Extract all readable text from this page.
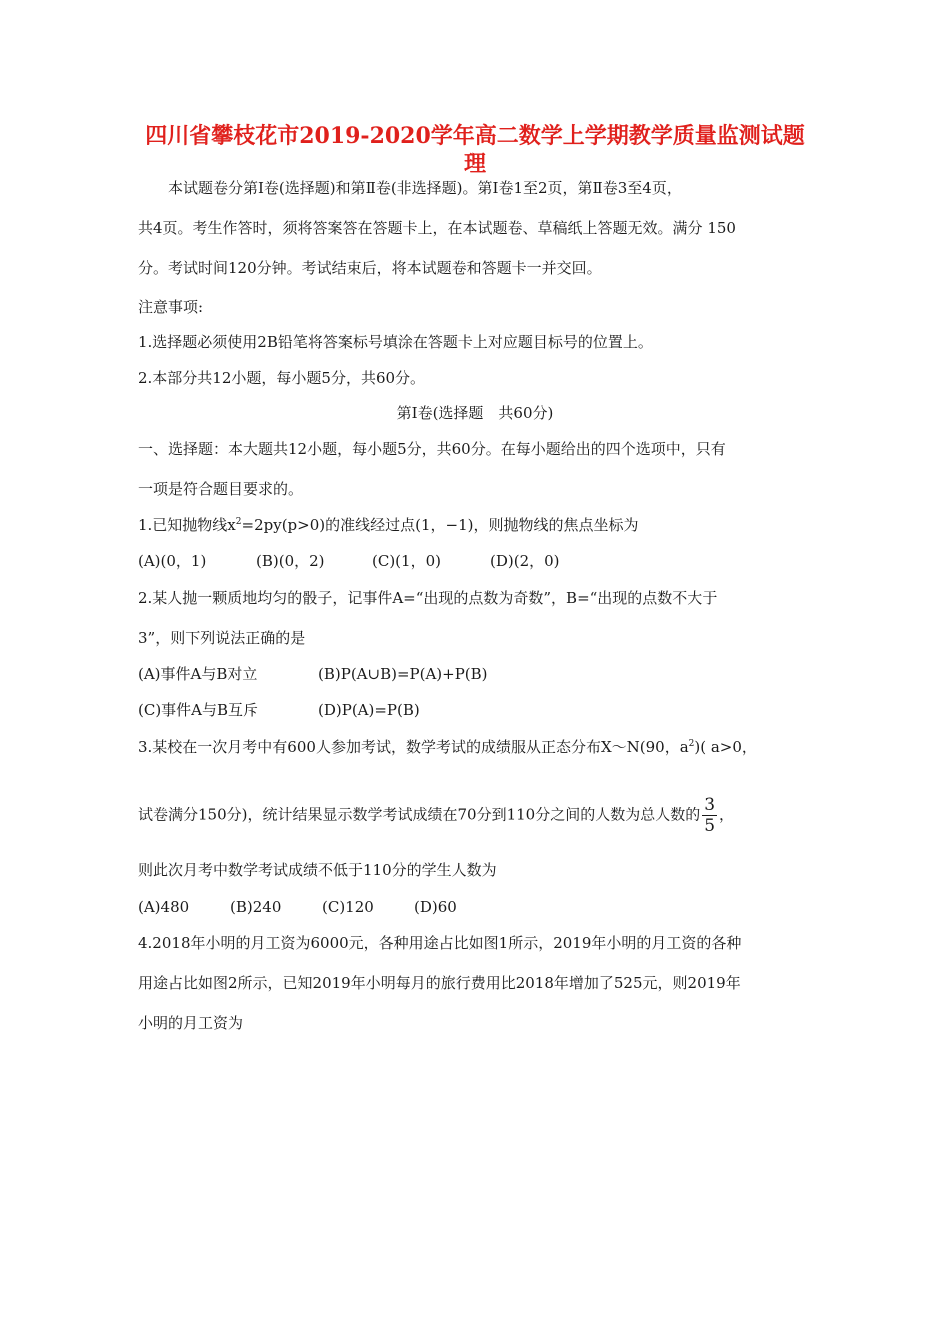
四川省攀枝花市2019-2020学年高二数学上学期教学质量监测试题
理
本试题卷分第Ⅰ卷(选择题)和第Ⅱ卷(非选择题)。第Ⅰ卷1至2页，第Ⅱ卷3至4页，
共4页。考生作答时，须将答案答在答题卡上，在本试题卷、草稿纸上答题无效。满分 150
分。考试时间120分钟。考试结束后，将本试题卷和答题卡一并交回。
注意事项:
1.选择题必须使用2B铅笔将答案标号填涂在答题卡上对应题目标号的位置上。
2.本部分共12小题，每小题5分，共60分。
第Ⅰ卷(选择题　共60分)
一、选择题：本大题共12小题，每小题5分，共60分。在每小题给出的四个选项中，只有
一项是符合题目要求的。
1.已知抛物线$x^2=2py(p>0)$的准线经过点(1，−1)，则抛物线的焦点坐标为
(A)(0，1)	(B)(0，2)	(C)(1，0)	(D)(2，0)
2.某人抛一颗质地均匀的骰子，记事件A=“出现的点数为奇数”，B=“出现的点数不大于
3”，则下列说法正确的是
(A)事件A与B对立	(B)P(A∪B)=P(A)+P(B)
(C)事件A与B互斥	(D)P(A)=P(B)
3.某校在一次月考中有600人参加考试，数学考试的成绩服从正态分布X～N(90，$a^2$)( a>0，
试卷满分150分)，统计结果显示数学考试成绩在70分到110分之间的人数为总人数的 $\frac{3}{5}$ ，
则此次月考中数学考试成绩不低于110分的学生人数为
(A)480	(B)240	(C)120	(D)60
4.2018年小明的月工资为6000元，各种用途占比如图1所示，2019年小明的月工资的各种
用途占比如图2所示，已知2019年小明每月的旅行费用比2018年增加了525元，则2019年
小明的月工资为
